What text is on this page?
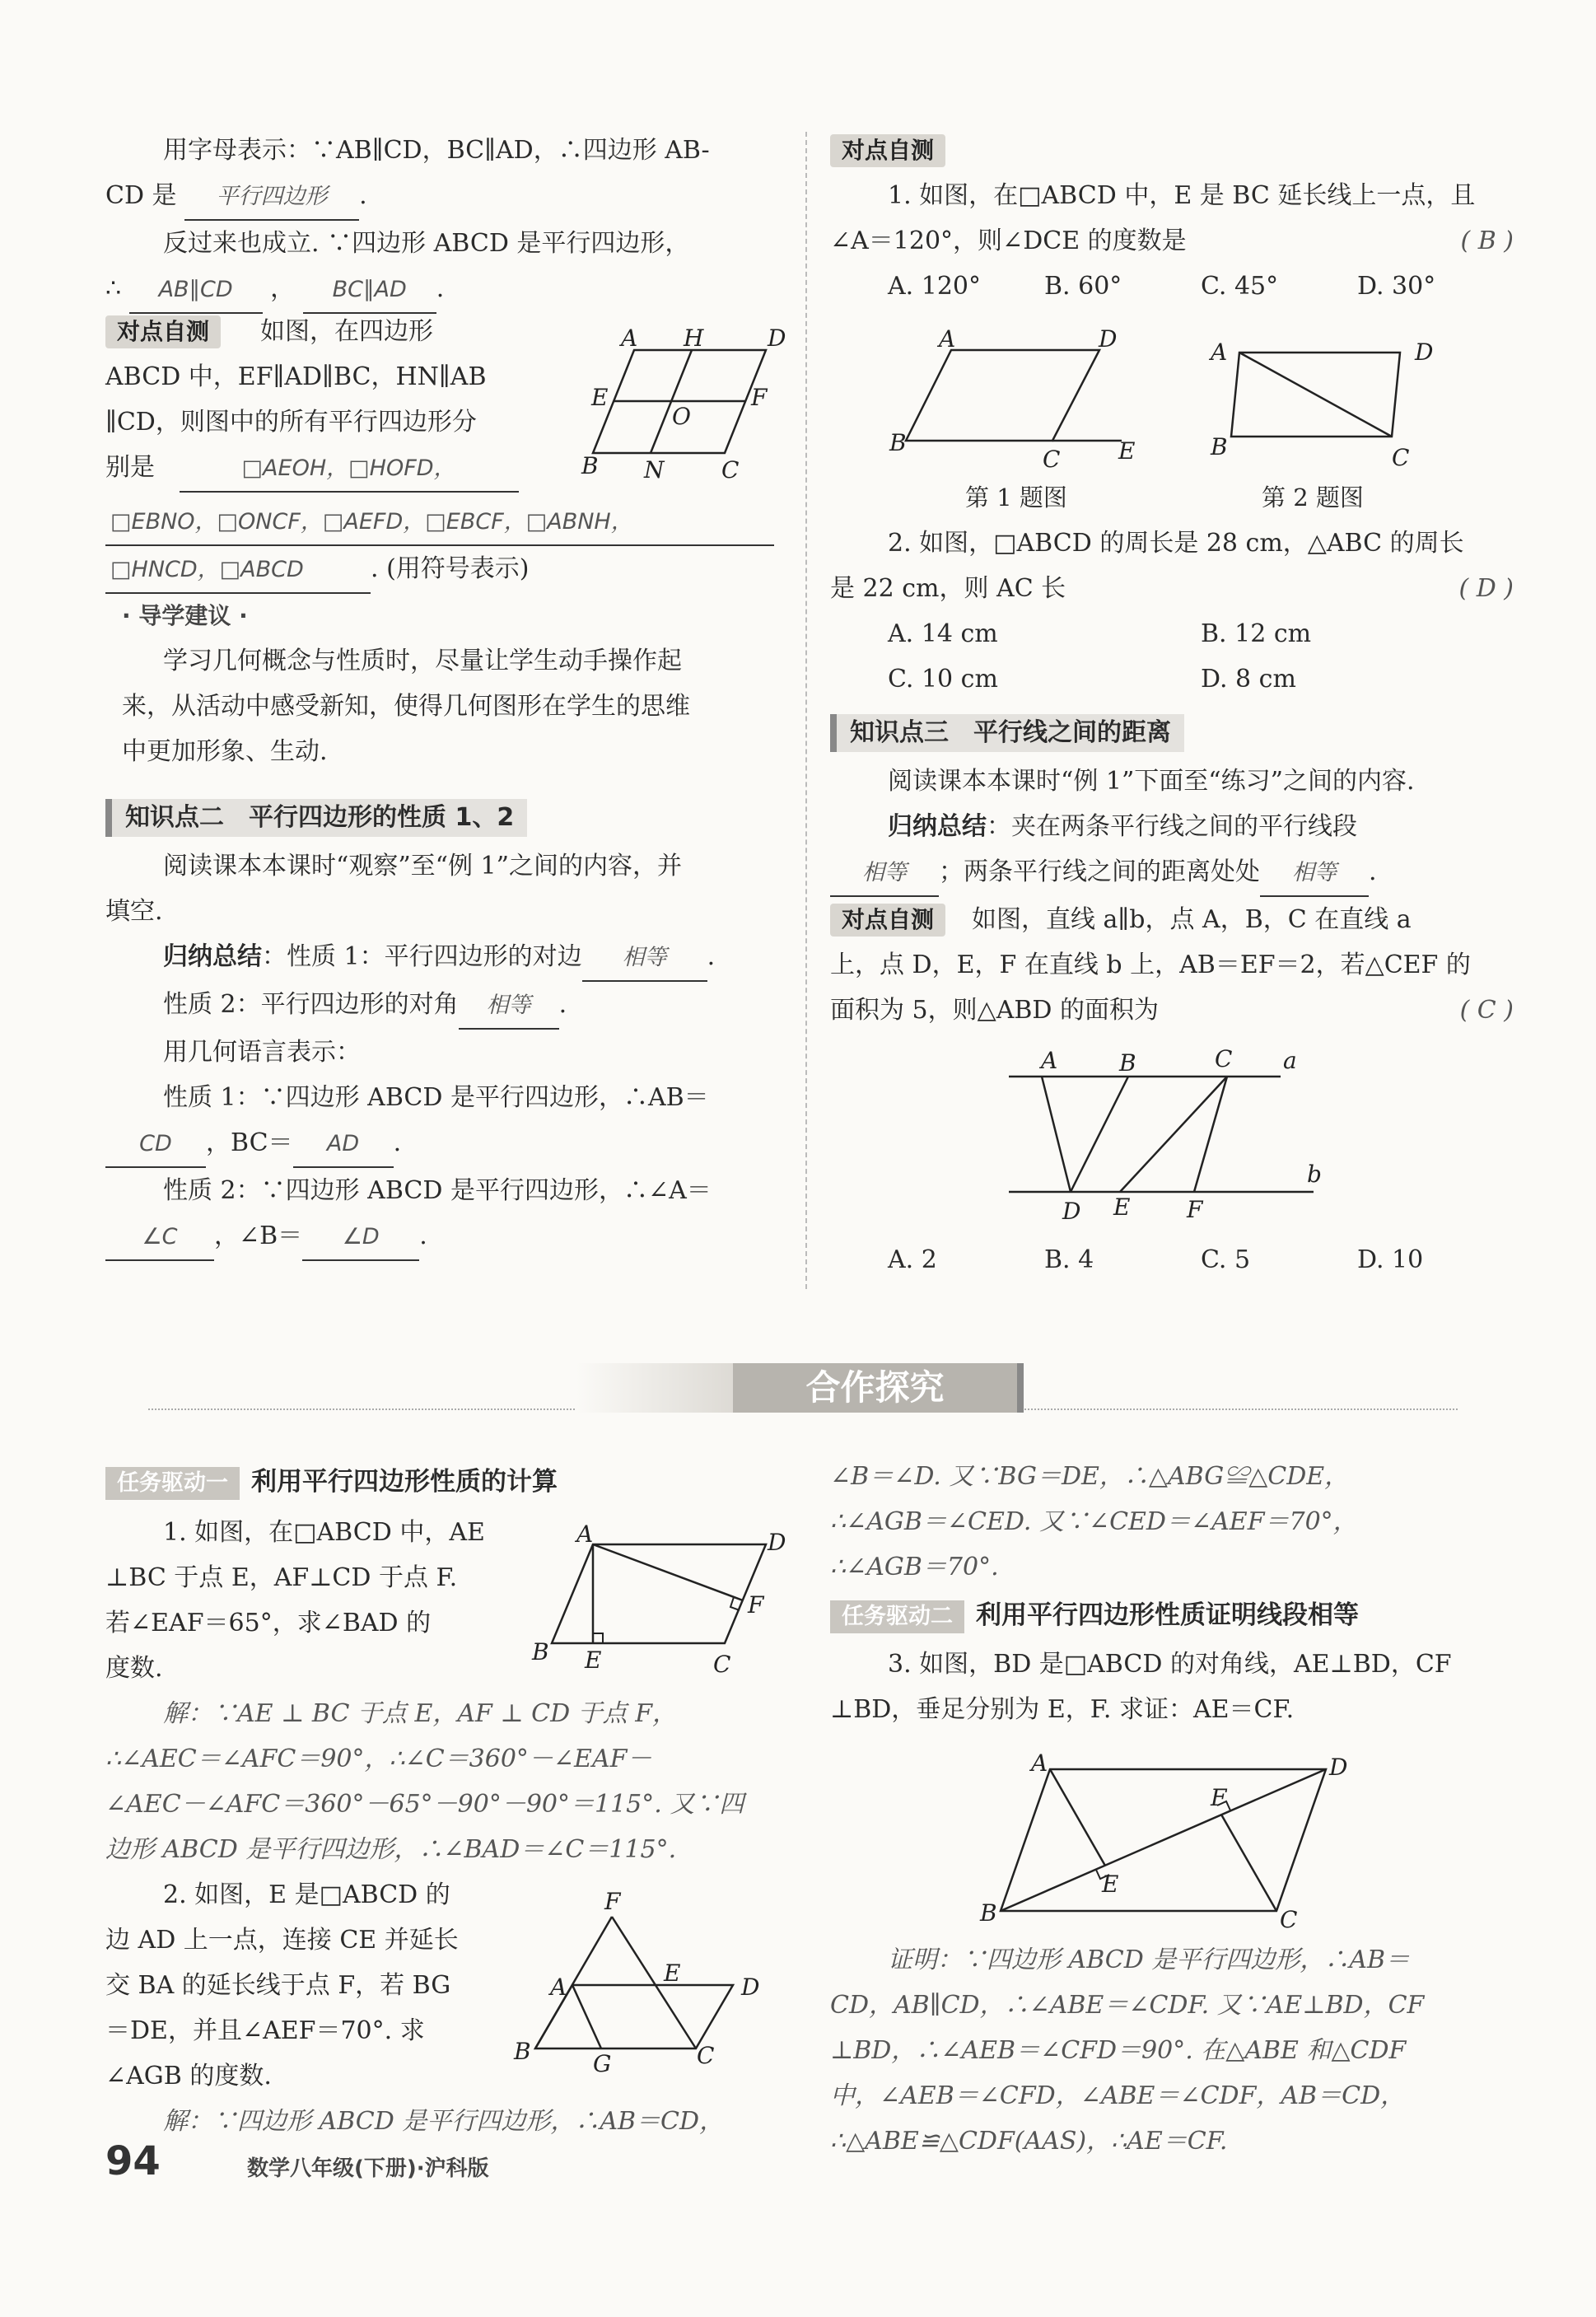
用字母表示：∵AB∥CD，BC∥AD，∴四边形 AB-
CD 是 平行四边形 .
反过来也成立. ∵四边形 ABCD 是平行四边形，
∴ AB∥CD ， BC∥AD .
对点自测 如图，在四边形
ABCD 中，EF∥AD∥BC，HN∥AB
∥CD，则图中的所有平行四边形分
别是	□AEOH，□HOFD，
□EBNO，□ONCF，□AEFD，□EBCF，□ABNH，
□HNCD，□ABCD	. (用符号表示)
A H	D
E
O
F
B N C
· 导学建议 ·
学习几何概念与性质时，尽量让学生动手操作起
来，从活动中感受新知，使得几何图形在学生的思维
中更加形象、生动.
知识点二　平行四边形的性质 1、2
阅读课本本课时“观察”至“例 1”之间的内容，并
填空.
归纳总结：性质 1：平行四边形的对边 相等 .
性质 2：平行四边形的对角 相等 .
用几何语言表示：
性质 1：∵四边形 ABCD 是平行四边形，∴AB＝
CD ，BC＝ AD .
性质 2：∵四边形 ABCD 是平行四边形，∴∠A＝
∠C ，∠B＝ ∠D .
对点自测
1. 如图，在□ABCD 中，E 是 BC 延长线上一点，且
∠A＝120°，则∠DCE 的度数是	( B )
A. 120°	B. 60°	C. 45°	D. 30°
A	D
B
C	E
A	D
B	C
第 1 题图	第 2 题图
2. 如图，□ABCD 的周长是 28 cm，△ABC 的周长
是 22 cm，则 AC 长	( D )
A. 14 cm	B. 12 cm
C. 10 cm	D. 8 cm
知识点三　平行线之间的距离
阅读课本本课时“例 1”下面至“练习”之间的内容.
归纳总结：夹在两条平行线之间的平行线段
相等 ；两条平行线之间的距离处处 相等 .
对点自测 如图，直线 a∥b，点 A，B，C 在直线 a
上，点 D，E，F 在直线 b 上，AB＝EF＝2，若△CEF 的
面积为 5，则△ABD 的面积为	( C )
A	B	C a
D E F
b
A. 2	B. 4	C. 5	D. 10
合作探究
任务驱动一 利用平行四边形性质的计算
1. 如图，在□ABCD 中，AE
⊥BC 于点 E，AF⊥CD 于点 F.
若∠EAF＝65°，求∠BAD 的
度数.
解：∵AE ⊥ BC 于点 E，AF ⊥ CD 于点 F，
∴∠AEC＝∠AFC＝90°，∴∠C＝360°－∠EAF－
∠AEC－∠AFC＝360°－65°－90°－90°＝115°. 又∵四
边形 ABCD 是平行四边形，∴∠BAD＝∠C＝115°.
2. 如图，E 是□ABCD 的
边 AD 上一点，连接 CE 并延长
交 BA 的延长线于点 F，若 BG
＝DE，并且∠AEF＝70°. 求
∠AGB 的度数.
解：∵四边形 ABCD 是平行四边形，∴AB＝CD，
A	D
F
B E	C
F
A
E
D
B	G	C
∠B＝∠D. 又∵BG＝DE，∴△ABG≌△CDE，
∴∠AGB＝∠CED. 又∵∠CED＝∠AEF＝70°，
∴∠AGB＝70°.
任务驱动二 利用平行四边形性质证明线段相等
3. 如图，BD 是□ABCD 的对角线，AE⊥BD，CF
⊥BD，垂足分别为 E，F. 求证：AE＝CF.
A	D
F
E
B	C
证明：∵四边形 ABCD 是平行四边形，∴AB＝
CD，AB∥CD，∴∠ABE＝∠CDF. 又∵AE⊥BD，CF
⊥BD，∴∠AEB＝∠CFD＝90°. 在△ABE 和△CDF
中，∠AEB＝∠CFD，∠ABE＝∠CDF，AB＝CD，
∴△ABE≌△CDF(AAS)，∴AE＝CF.
94	数学八年级(下册)·沪科版
